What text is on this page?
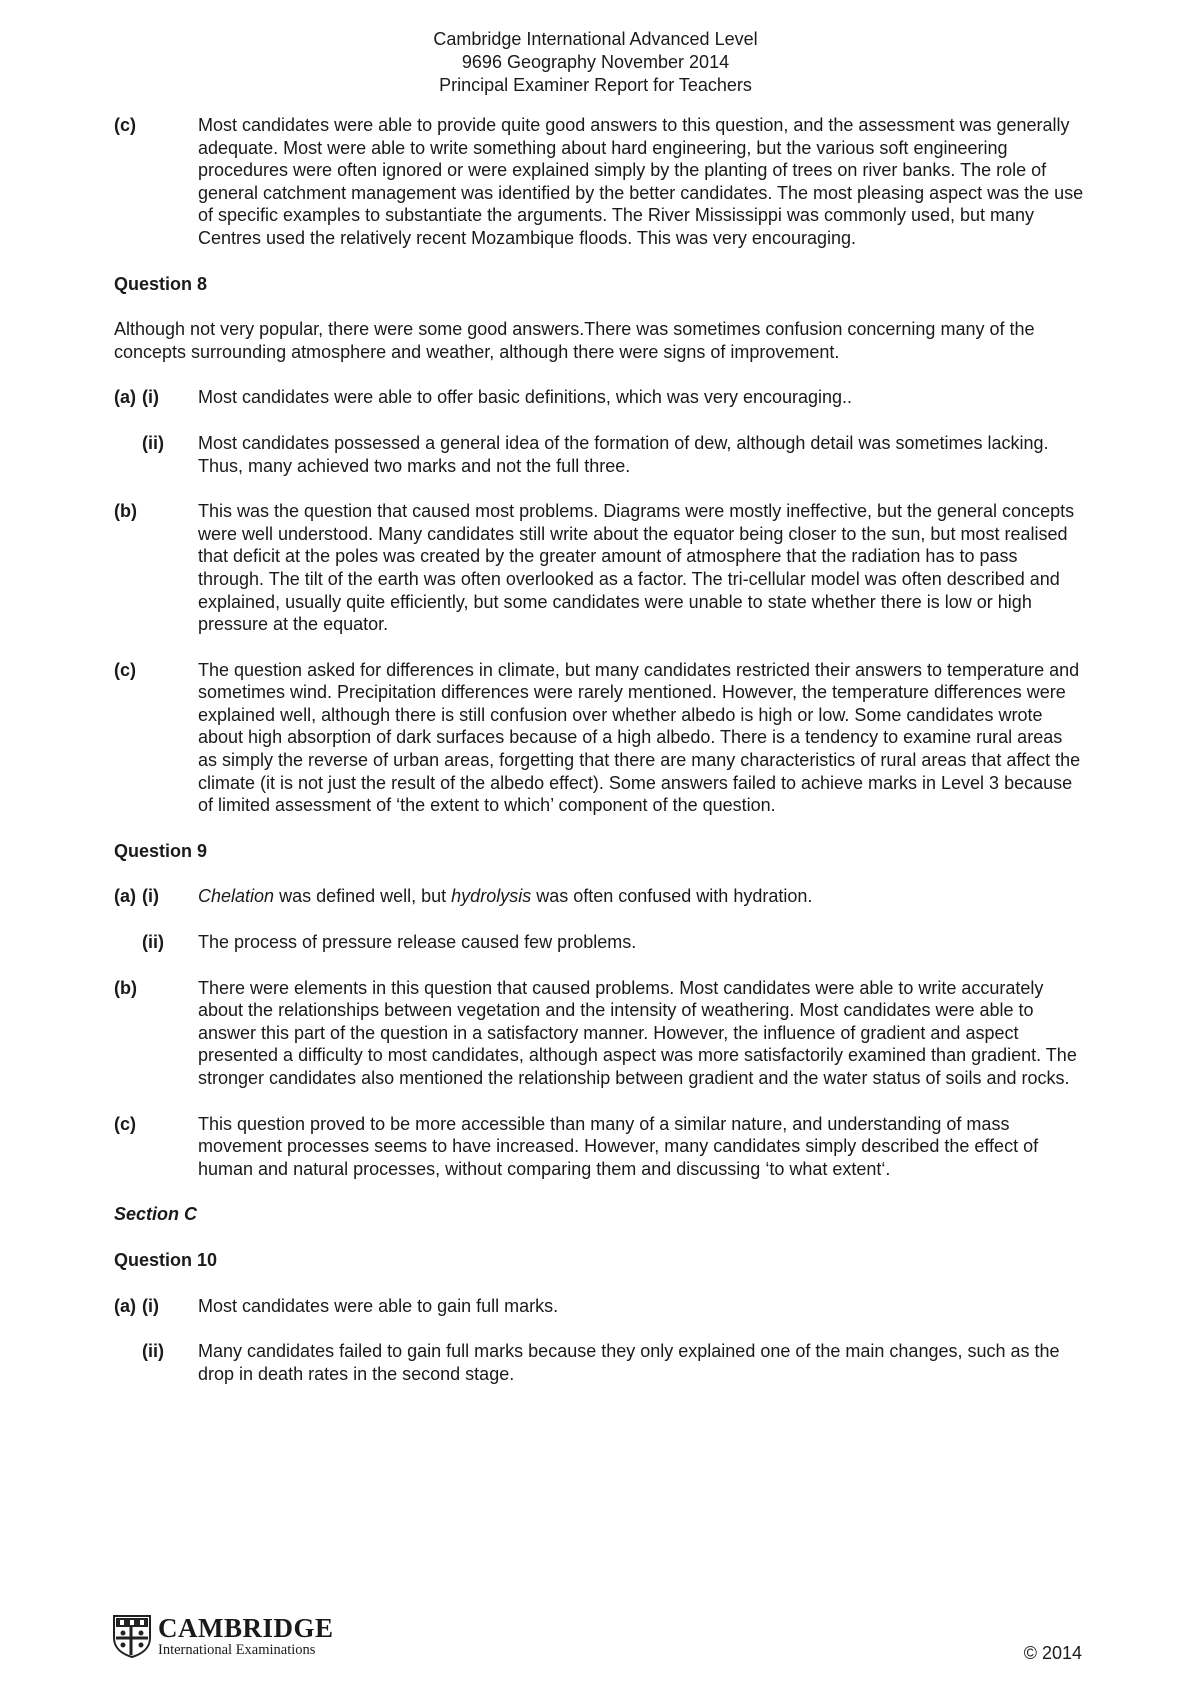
Cambridge International Advanced Level
9696 Geography November 2014
Principal Examiner Report for Teachers
(c)	Most candidates were able to provide quite good answers to this question, and the assessment was generally adequate. Most were able to write something about hard engineering, but the various soft engineering procedures were often ignored or were explained simply by the planting of trees on river banks. The role of general catchment management was identified by the better candidates. The most pleasing aspect was the use of specific examples to substantiate the arguments. The River Mississippi was commonly used, but many Centres used the relatively recent Mozambique floods. This was very encouraging.
Question 8
Although not very popular, there were some good answers.There was sometimes confusion concerning many of the concepts surrounding atmosphere and weather, although there were signs of improvement.
(a) (i)	Most candidates were able to offer basic definitions, which was very encouraging..
(ii)	Most candidates possessed a general idea of the formation of dew, although detail was sometimes lacking. Thus, many achieved two marks and not the full three.
(b)	This was the question that caused most problems. Diagrams were mostly ineffective, but the general concepts were well understood. Many candidates still write about the equator being closer to the sun, but most realised that deficit at the poles was created by the greater amount of atmosphere that the radiation has to pass through. The tilt of the earth was often overlooked as a factor. The tri-cellular model was often described and explained, usually quite efficiently, but some candidates were unable to state whether there is low or high pressure at the equator.
(c)	The question asked for differences in climate, but many candidates restricted their answers to temperature and sometimes wind. Precipitation differences were rarely mentioned. However, the temperature differences were explained well, although there is still confusion over whether albedo is high or low. Some candidates wrote about high absorption of dark surfaces because of a high albedo. There is a tendency to examine rural areas as simply the reverse of urban areas, forgetting that there are many characteristics of rural areas that affect the climate (it is not just the result of the albedo effect). Some answers failed to achieve marks in Level 3 because of limited assessment of ‘the extent to which’ component of the question.
Question 9
(a) (i)	Chelation was defined well, but hydrolysis was often confused with hydration.
(ii)	The process of pressure release caused few problems.
(b)	There were elements in this question that caused problems. Most candidates were able to write accurately about the relationships between vegetation and the intensity of weathering. Most candidates were able to answer this part of the question in a satisfactory manner. However, the influence of gradient and aspect presented a difficulty to most candidates, although aspect was more satisfactorily examined than gradient. The stronger candidates also mentioned the relationship between gradient and the water status of soils and rocks.
(c)	This question proved to be more accessible than many of a similar nature, and understanding of mass movement processes seems to have increased. However, many candidates simply described the effect of human and natural processes, without comparing them and discussing ‘to what extent‘.
Section C
Question 10
(a) (i)	Most candidates were able to gain full marks.
(ii)	Many candidates failed to gain full marks because they only explained one of the main changes, such as the drop in death rates in the second stage.
CAMBRIDGE
International Examinations	© 2014
